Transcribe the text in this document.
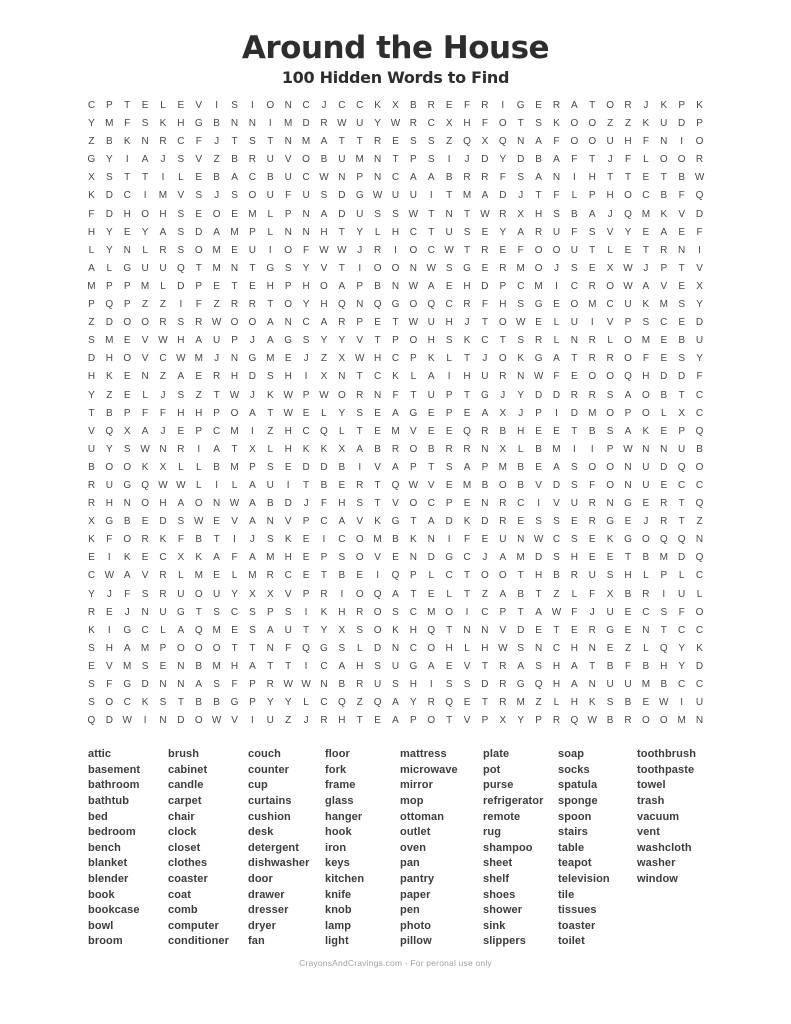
Around the House
100 Hidden Words to Find
C	P	T	E	L	E	V	I	S	I	O	N	C	J	C	C	K	X	B	R	E	F	R	I	G	E	R	A	T	O	R	J	K	P	K
Y	M	F	S	K	H	G	B	N	N	I	M	D	R W U	Y W R	C	X	H	F	O	T	S	K	O	O	Z	Z	K	U	D	P
Z	B	K	N	R	C	F	J	T	S	T	N	M	A	T	T	R	E	S	S	Z	Q	X	Q	N	A	F	O	O	U	H	F	N	I	O
G	Y	I	A	J	S	V	Z	B	R	U	V	O	B	U	M	N	T	P	S	I	J	D	Y	D	B	A	F	T	J	F	L	O	O	R
X	S	T	T	I	L	E	B	A	C	B	U	C W N	P	N	C	A	A	B	R	R	F	S	A	N	I	H	T	T	E	T	B W
K	D	C	I	M	V	S	J	S	O	U	F	U	S	D	G W U	U	I	T	M	A	D	J	T	F	L	P	H	O	C	B	F	Q
F	D	H	O	H	S	E	O	E	M	L	P	N	A	D	U	S	S W	T	N	T	W R	X	H	S	B	A	J	Q M	K	V	D
H	Y	E	Y	A	S	D	A	M	P	L	N	N	H	T	Y	L	H	C	T	U	S	E	Y	A	R	U	F	S	V	Y	E	A	E	F
L	Y	N	L	R	S	O M	E	U	I	O	F	W W	J	R	I	O	C W	T	R	E	F	O	O	U	T	L	E	T	R	N	I
A	L	G	U	U	Q	T	M	N	T	G	S	Y	V	T	I	O	O	N W S	G	E	R	M O	J	S	E	X W	J	P	T	V
M	P	P	M	L	D	P	E	T	E	H	P	H	O	A	P	B	N W A	E	H	D	P	C	M	I	C	R	O W A	V	E	X
P	Q	P	Z	Z	I	F	Z	R	R	T	O	Y	H	Q	N	Q	G	O	Q	C	R	F	H	S	G	E	O M	C	U	K	M	S	Y
Z	D	O	O	R	S	R W O	O	A	N	C	A	R	P	E	T	W U	H	J	T	O W E	L	U	I	V	P	S	C	E	D
S	M	E	V W H	A	U	P	J	A	G	S	Y	Y	V	T	P	O	H	S	K	C	T	S	R	L	N	R	L	O M	E	B	U
D	H	O	V	C W M	J	N	G M	E	J	Z	X W H	C	P	K	L	T	J	O	K	G	A	T	R	R	O	F	E	S	Y
H	K	E	N	Z	A	E	R	H	D	S	H	I	X	N	T	C	K	L	A	I	H	U	R	N W	F	E	O	O	Q	H	D	D	F
Y	Z	E	L	J	S	Z	T	W	J	K W P W O	R	N	F	T	U	P	T	G	J	Y	D	D	R	R	S	A	O	B	T	C
T	B	P	F	F	H	H	P	O	A	T	W E	L	Y	S	E	A	G	E	P	E	A	X	J	P	I	D	M O	P	O	L	X	C
V	Q	X	A	J	E	P	C	M	I	Z	H	C	Q	L	T	E	M	V	E	E	Q	R	B	H	E	E	T	B	S	A	K	E	P	Q
U	Y	S W N	R	I	A	T	X	L	H	K	K	X	A	B	R	O	B	R	R	N	X	L	B	M	I	I	P W N	N	U	B
B	O	O	K	X	L	L	B	M	P	S	E	D	D	B	I	V	A	P	T	S	A	P	M	B	E	A	S	O	O	N	U	D	Q	O
R	U	G	Q W W	L	I	L	A	U	I	T	B	E	R	T	Q W V	E	M	B	O	B	V	D	S	F	O	N	U	E	C	C
R	H	N	O	H	A	O	N W A	B	D	J	F	H	S	T	V	O	C	P	E	N	R	C	I	V	U	R	N	G	E	R	T	Q
X	G	B	E	D	S W E	V	A	N	V	P	C	A	V	K	G	T	A	D	K	D	R	E	S	S	E	R	G	E	J	R	T	Z
K	F	O	R	K	F	B	T	I	J	S	K	E	I	C	O M	B	K	N	I	F	E	U	N W C	S	E	K	G	O	Q	Q	N
E	I	K	E	C	X	K	A	F	A	M	H	E	P	S	O	V	E	N	D	G	C	J	A	M	D	S	H	E	E	T	B	M	D	Q
C W A	V	R	L	M	E	L	M	R	C	E	T	B	E	I	Q	P	L	C	T	O	O	T	H	B	R	U	S	H	L	P	L	C
Y	J	F	S	R	U	O	U	Y	X	X	V	P	R	I	O	Q	A	T	E	L	T	Z	A	B	T	Z	L	F	X	B	R	I	U	L
R	E	J	N	U	G	T	S	C	S	P	S	I	K	H	R	O	S	C	M O	I	C	P	T	A W	F	J	U	E	C	S	F	O
K	I	G	C	L	A	Q M	E	S	A	U	T	Y	X	S	O	K	H	Q	T	N	N	V	D	E	T	E	R	G	E	N	T	C	C
S	H	A	M	P	O	O	O	T	T	N	F	Q	G	S	L	D	N	C	O	H	L	H W S	N	C	H	N	E	Z	L	Q	Y	K
E	V	M	S	E	N	B	M	H	A	T	T	I	C	A	H	S	U	G	A	E	V	T	R	A	S	H	A	T	B	F	B	H	Y	D
S	F	G	D	N	N	A	S	F	P	R W W N	B	R	U	S	H	I	S	S	D	R	G	Q	H	A	N	U	U	M	B	C	C
S	O	C	K	S	T	B	B	G	P	Y	Y	L	C	Q	Z	Q	A	Y	R	Q	E	T	R	M	Z	L	H	K	S	B	E W	I	U
Q	D W	I	N	D	O W V	I	U	Z	J	R	H	T	E	A	P	O	T	V	P	X	Y	P	R	Q W B	R	O	O M	N
attic
basement
bathroom
bathtub
bed
bedroom
bench
blanket
blender
book
bookcase
bowl
broom
brush
cabinet
candle
carpet
chair
clock
closet
clothes
coaster
coat
comb
computer
conditioner
couch
counter
cup
curtains
cushion
desk
detergent
dishwasher
door
drawer
dresser
dryer
fan
floor
fork
frame
glass
hanger
hook
iron
keys
kitchen
knife
knob
lamp
light
mattress
microwave
mirror
mop
ottoman
outlet
oven
pan
pantry
paper
pen
photo
pillow
plate
pot
purse
refrigerator
remote
rug
shampoo
sheet
shelf
shoes
shower
sink
slippers
soap
socks
spatula
sponge
spoon
stairs
table
teapot
television
tile
tissues
toaster
toilet
toothbrush
toothpaste
towel
trash
vacuum
vent
washcloth
washer
window
CrayonsAndCravings.com - For peronal use only
